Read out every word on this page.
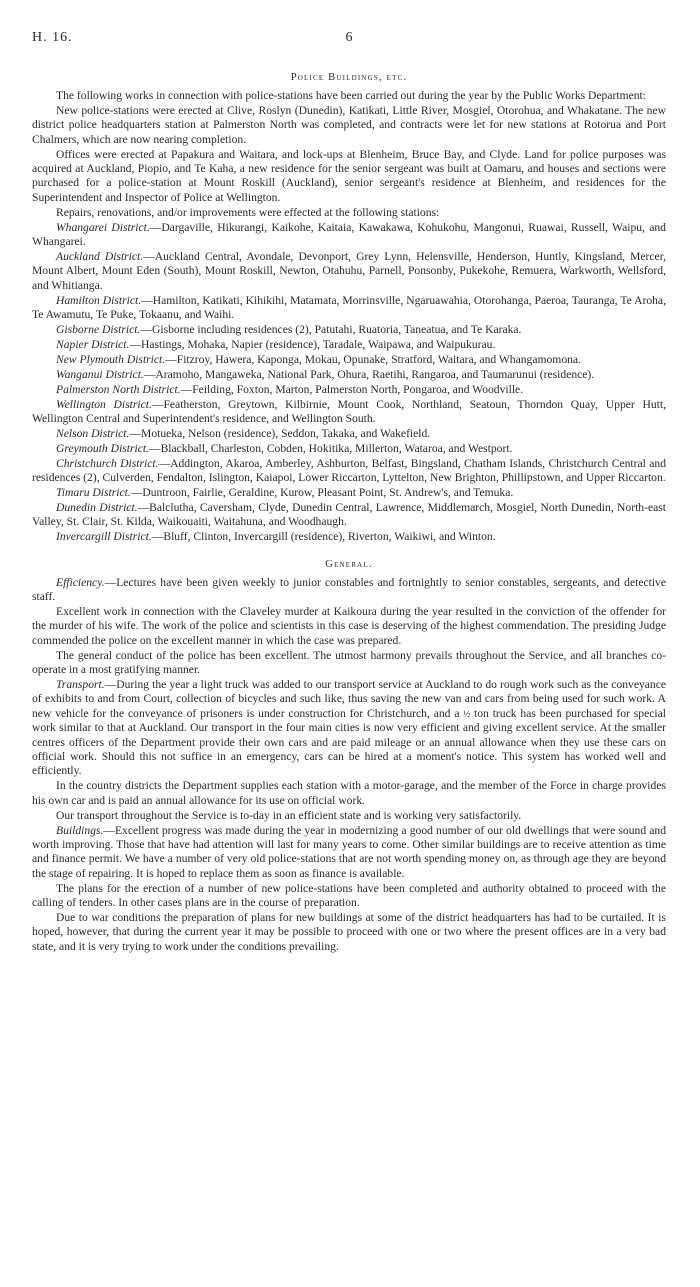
H. 16.	6
Police Buildings, etc.

The following works in connection with police-stations have been carried out during the year by the Public Works Department:

New police-stations were erected at Clive, Roslyn (Dunedin), Katikati, Little River, Mosgiel, Otorohua, and Whakatane. The new district police headquarters station at Palmerston North was completed, and contracts were let for new stations at Rotorua and Port Chalmers, which are now nearing completion.

Offices were erected at Papakura and Waitara, and lock-ups at Blenheim, Bruce Bay, and Clyde. Land for police purposes was acquired at Auckland, Piopio, and Te Kaha, a new residence for the senior sergeant was built at Oamaru, and houses and sections were purchased for a police-station at Mount Roskill (Auckland), senior sergeant's residence at Blenheim, and residences for the Superintendent and Inspector of Police at Wellington.

Repairs, renovations, and/or improvements were effected at the following stations:

Whangarei District.—Dargaville, Hikurangi, Kaikohe, Kaitaia, Kawakawa, Kohukohu, Mangonui, Ruawai, Russell, Waipu, and Whangarei.

Auckland District.—Auckland Central, Avondale, Devonport, Grey Lynn, Helensville, Henderson, Huntly, Kingsland, Mercer, Mount Albert, Mount Eden (South), Mount Roskill, Newton, Otahuhu, Parnell, Ponsonby, Pukekohe, Remuera, Warkworth, Wellsford, and Whitianga.

Hamilton District.—Hamilton, Katikati, Kihikihi, Matamata, Morrinsville, Ngaruawahia, Otorohanga, Paeroa, Tauranga, Te Aroha, Te Awamutu, Te Puke, Tokaanu, and Waihi.

Gisborne District.—Gisborne including residences (2), Patutahi, Ruatoria, Taneatua, and Te Karaka.

Napier District.—Hastings, Mohaka, Napier (residence), Taradale, Waipawa, and Waipukurau.

New Plymouth District.—Fitzroy, Hawera, Kaponga, Mokau, Opunake, Stratford, Waitara, and Whangamomona.

Wanganui District.—Aramoho, Mangaweka, National Park, Ohura, Raetihi, Rangaroa, and Taumarunui (residence).

Palmerston North District.—Feilding, Foxton, Marton, Palmerston North, Pongaroa, and Woodville.

Wellington District.—Featherston, Greytown, Kilbirnie, Mount Cook, Northland, Seatoun, Thorndon Quay, Upper Hutt, Wellington Central and Superintendent's residence, and Wellington South.

Nelson District.—Motueka, Nelson (residence), Seddon, Takaka, and Wakefield.

Greymouth District.—Blackball, Charleston, Cobden, Hokitika, Millerton, Wataroa, and Westport.

Christchurch District.—Addington, Akaroa, Amberley, Ashburton, Belfast, Bingsland, Chatham Islands, Christchurch Central and residences (2), Culverden, Fendalton, Islington, Kaiapoi, Lower Riccarton, Lyttelton, New Brighton, Phillipstown, and Upper Riccarton.

Timaru District.—Duntroon, Fairlie, Geraldine, Kurow, Pleasant Point, St. Andrew's, and Temuka.

Dunedin District.—Balclutha, Caversham, Clyde, Dunedin Central, Lawrence, Middlemarch, Mosgiel, North Dunedin, North-east Valley, St. Clair, St. Kilda, Waikouaiti, Waitahuna, and Woodhaugh.

Invercargill District.—Bluff, Clinton, Invercargill (residence), Riverton, Waikiwi, and Winton.

General.

Efficiency.—Lectures have been given weekly to junior constables and fortnightly to senior constables, sergeants, and detective staff.

Excellent work in connection with the Claveley murder at Kaikoura during the year resulted in the conviction of the offender for the murder of his wife. The work of the police and scientists in this case is deserving of the highest commendation. The presiding Judge commended the police on the excellent manner in which the case was prepared.

The general conduct of the police has been excellent. The utmost harmony prevails throughout the Service, and all branches co-operate in a most gratifying manner.

Transport.—During the year a light truck was added to our transport service at Auckland to do rough work such as the conveyance of exhibits to and from Court, collection of bicycles and such like, thus saving the new van and cars from being used for such work. A new vehicle for the conveyance of prisoners is under construction for Christchurch, and a ½ ton truck has been purchased for special work similar to that at Auckland. Our transport in the four main cities is now very efficient and giving excellent service. At the smaller centres officers of the Department provide their own cars and are paid mileage or an annual allowance when they use these cars on official work. Should this not suffice in an emergency, cars can be hired at a moment's notice. This system has worked well and efficiently.

In the country districts the Department supplies each station with a motor-garage, and the member of the Force in charge provides his own car and is paid an annual allowance for its use on official work.

Our transport throughout the Service is to-day in an efficient state and is working very satisfactorily.

Buildings.—Excellent progress was made during the year in modernizing a good number of our old dwellings that were sound and worth improving. Those that have had attention will last for many years to come. Other similar buildings are to receive attention as time and finance permit. We have a number of very old police-stations that are not worth spending money on, as through age they are beyond the stage of repairing. It is hoped to replace them as soon as finance is available.

The plans for the erection of a number of new police-stations have been completed and authority obtained to proceed with the calling of tenders. In other cases plans are in the course of preparation.

Due to war conditions the preparation of plans for new buildings at some of the district headquarters has had to be curtailed. It is hoped, however, that during the current year it may be possible to proceed with one or two where the present offices are in a very bad state, and it is very trying to work under the conditions prevailing.
